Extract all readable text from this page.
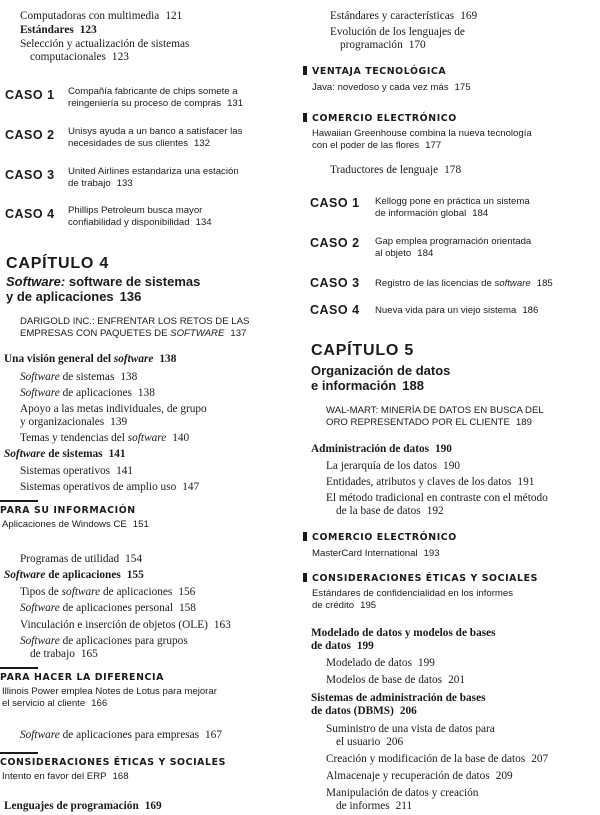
Computadoras con multimedia 121
Estándares 123
Selección y actualización de sistemas
computacionales 123
CASO 1 Compañía fabricante de chips somete a
reingeniería su proceso de compras 131
CASO 2 Unisys ayuda a un banco a satisfacer las
necesidades de sus clientes 132
CASO 3 United Airlines estandariza una estación
de trabajo 133
CASO 4 Phillips Petroleum busca mayor
confiabilidad y disponibilidad 134
CAPÍTULO 4
Software: software de sistemas
y de aplicaciones 136
DARIGOLD INC.: ENFRENTAR LOS RETOS DE LAS
EMPRESAS CON PAQUETES DE SOFTWARE 137
Una visión general del software 138
Software de sistemas 138
Software de aplicaciones 138
Apoyo a las metas individuales, de grupo
y organizacionales 139
Temas y tendencias del software 140
Software de sistemas 141
Sistemas operativos 141
Sistemas operativos de amplio uso 147
PARA SU INFORMACIÓN
Aplicaciones de Windows CE 151
Programas de utilidad 154
Software de aplicaciones 155
Tipos de software de aplicaciones 156
Software de aplicaciones personal 158
Vinculación e inserción de objetos (OLE) 163
Software de aplicaciones para grupos
de trabajo 165
PARA HACER LA DIFERENCIA
Illinois Power emplea Notes de Lotus para mejorar
el servicio al cliente 166
Software de aplicaciones para empresas 167
CONSIDERACIONES ÉTICAS Y SOCIALES
Intento en favor del ERP 168
Lenguajes de programación 169
Estándares y características 169
Evolución de los lenguajes de
programación 170
VENTAJA TECNOLÓGICA
Java: novedoso y cada vez más 175
COMERCIO ELECTRÓNICO
Hawaiian Greenhouse combina la nueva tecnología
con el poder de las flores 177
Traductores de lenguaje 178
CASO 1 Kellogg pone en práctica un sistema
de información global 184
CASO 2 Gap emplea programación orientada
al objeto 184
CASO 3 Registro de las licencias de software 185
CASO 4 Nueva vida para un viejo sistema 186
CAPÍTULO 5
Organización de datos
e información 188
WAL-MART: MINERÍA DE DATOS EN BUSCA DEL
ORO REPRESENTADO POR EL CLIENTE 189
Administración de datos 190
La jerarquía de los datos 190
Entidades, atributos y claves de los datos 191
El método tradicional en contraste con el método
de la base de datos 192
COMERCIO ELECTRÓNICO
MasterCard International 193
CONSIDERACIONES ÉTICAS Y SOCIALES
Estándares de confidencialidad en los informes
de crédito 195
Modelado de datos y modelos de bases
de datos 199
Modelado de datos 199
Modelos de base de datos 201
Sistemas de administración de bases
de datos (DBMS) 206
Suministro de una vista de datos para
el usuario 206
Creación y modificación de la base de datos 207
Almacenaje y recuperación de datos 209
Manipulación de datos y creación
de informes 211
